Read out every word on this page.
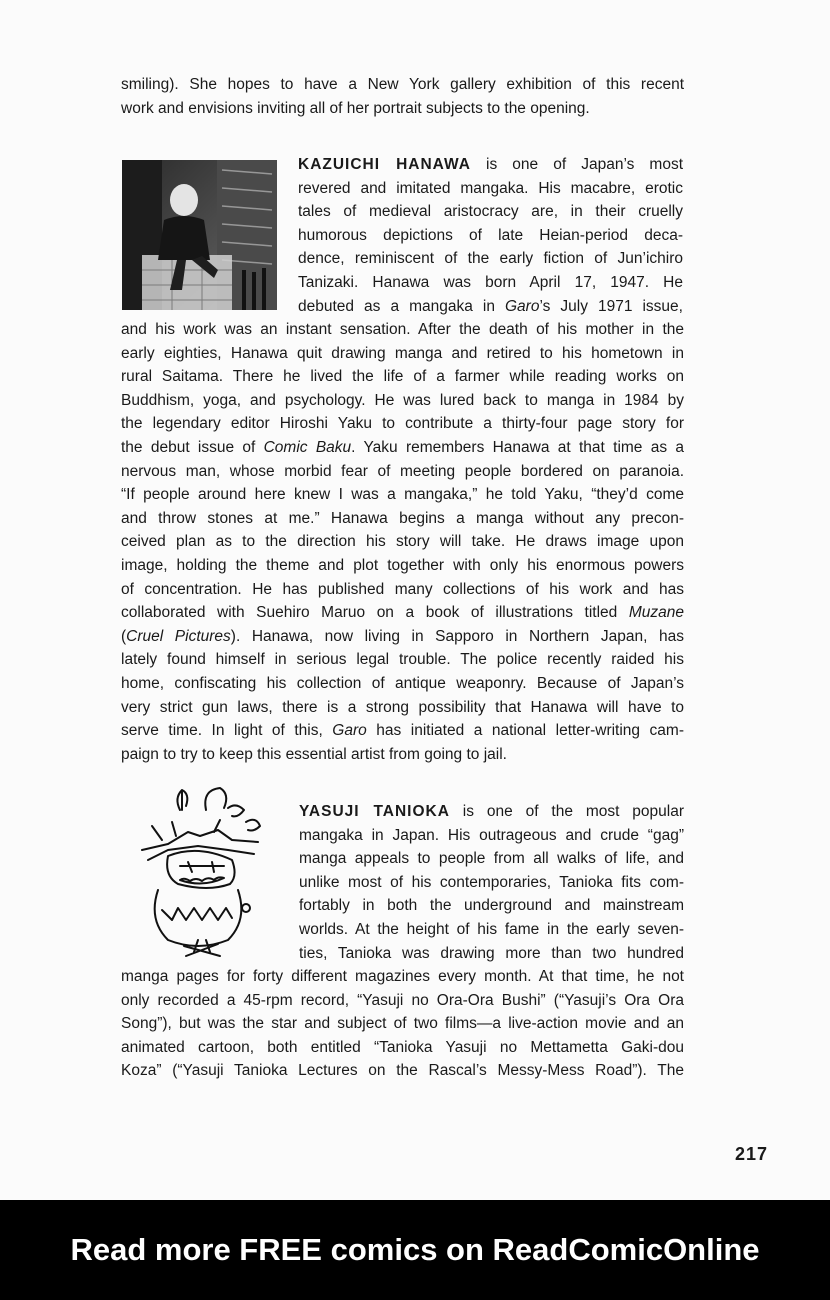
smiling). She hopes to have a New York gallery exhibition of this recent
work and envisions inviting all of her portrait subjects to the opening.
KAZUICHI HANAWA is one of Japan’s most
revered and imitated mangaka. His macabre, erotic
tales of medieval aristocracy are, in their cruelly
humorous depictions of late Heian-period deca-
dence, reminiscent of the early fiction of Jun’ichiro
Tanizaki. Hanawa was born April 17, 1947. He
debuted as a mangaka in Garo’s July 1971 issue,
and his work was an instant sensation. After the death of his mother in the
early eighties, Hanawa quit drawing manga and retired to his hometown in
rural Saitama. There he lived the life of a farmer while reading works on
Buddhism, yoga, and psychology. He was lured back to manga in 1984 by
the legendary editor Hiroshi Yaku to contribute a thirty-four page story for
the debut issue of Comic Baku. Yaku remembers Hanawa at that time as a
nervous man, whose morbid fear of meeting people bordered on paranoia.
“If people around here knew I was a mangaka,” he told Yaku, “they’d come
and throw stones at me.” Hanawa begins a manga without any precon-
ceived plan as to the direction his story will take. He draws image upon
image, holding the theme and plot together with only his enormous powers
of concentration. He has published many collections of his work and has
collaborated with Suehiro Maruo on a book of illustrations titled Muzane
(Cruel Pictures). Hanawa, now living in Sapporo in Northern Japan, has
lately found himself in serious legal trouble. The police recently raided his
home, confiscating his collection of antique weaponry. Because of Japan’s
very strict gun laws, there is a strong possibility that Hanawa will have to
serve time. In light of this, Garo has initiated a national letter-writing cam-
paign to try to keep this essential artist from going to jail.
YASUJI TANIOKA is one of the most popular
mangaka in Japan. His outrageous and crude “gag”
manga appeals to people from all walks of life, and
unlike most of his contemporaries, Tanioka fits com-
fortably in both the underground and mainstream
worlds. At the height of his fame in the early seven-
ties, Tanioka was drawing more than two hundred
manga pages for forty different magazines every month. At that time, he not
only recorded a 45-rpm record, “Yasuji no Ora-Ora Bushi” (“Yasuji’s Ora Ora
Song”), but was the star and subject of two films—a live-action movie and an
animated cartoon, both entitled “Tanioka Yasuji no Mettametta Gaki-dou
Koza” (“Yasuji Tanioka Lectures on the Rascal’s Messy-Mess Road”). The
217
Read more FREE comics on ReadComicOnline
